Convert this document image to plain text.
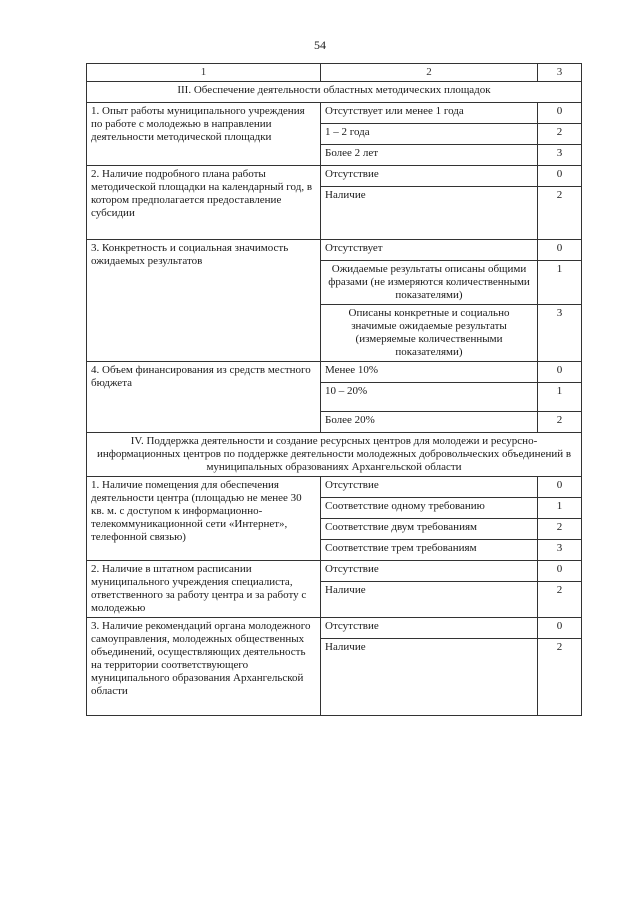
54
1	2	3
III. Обеспечение деятельности областных методических площадок		
1. Опыт работы муниципального учреждения по работе с молодежью в направлении деятельности методической площадки	Отсутствует или менее 1 года	0
	1 – 2 года	2
	Более 2 лет	3
2. Наличие подробного плана работы методической площадки на календарный год, в котором предполагается предоставление субсидии	Отсутствие	0
	Наличие	2
3. Конкретность и социальная значимость ожидаемых результатов	Отсутствует	0
	Ожидаемые результаты описаны общими фразами (не измеряются количественными показателями)	1
	Описаны конкретные и социально значимые ожидаемые результаты (измеряемые количественными показателями)	3
4. Объем финансирования из средств местного бюджета	Менее 10%	0
	10 – 20%	1
	Более 20%	2
IV. Поддержка деятельности и создание ресурсных центров для молодежи и ресурсно-информационных центров по поддержке деятельности молодежных добровольческих объединений в муниципальных образованиях Архангельской области		
1. Наличие помещения для обеспечения деятельности центра (площадью не менее 30 кв. м. с доступом к информационно-телекоммуникационной сети «Интернет», телефонной связью)	Отсутствие	0
	Соответствие одному требованию	1
	Соответствие двум требованиям	2
	Соответствие трем требованиям	3
2. Наличие в штатном расписании муниципального учреждения специалиста, ответственного за работу центра и за работу с молодежью	Отсутствие	0
	Наличие	2
3. Наличие рекомендаций органа молодежного самоуправления, молодежных общественных объединений, осуществляющих деятельность на территории соответствующего муниципального образования Архангельской области	Отсутствие	0
	Наличие	2
